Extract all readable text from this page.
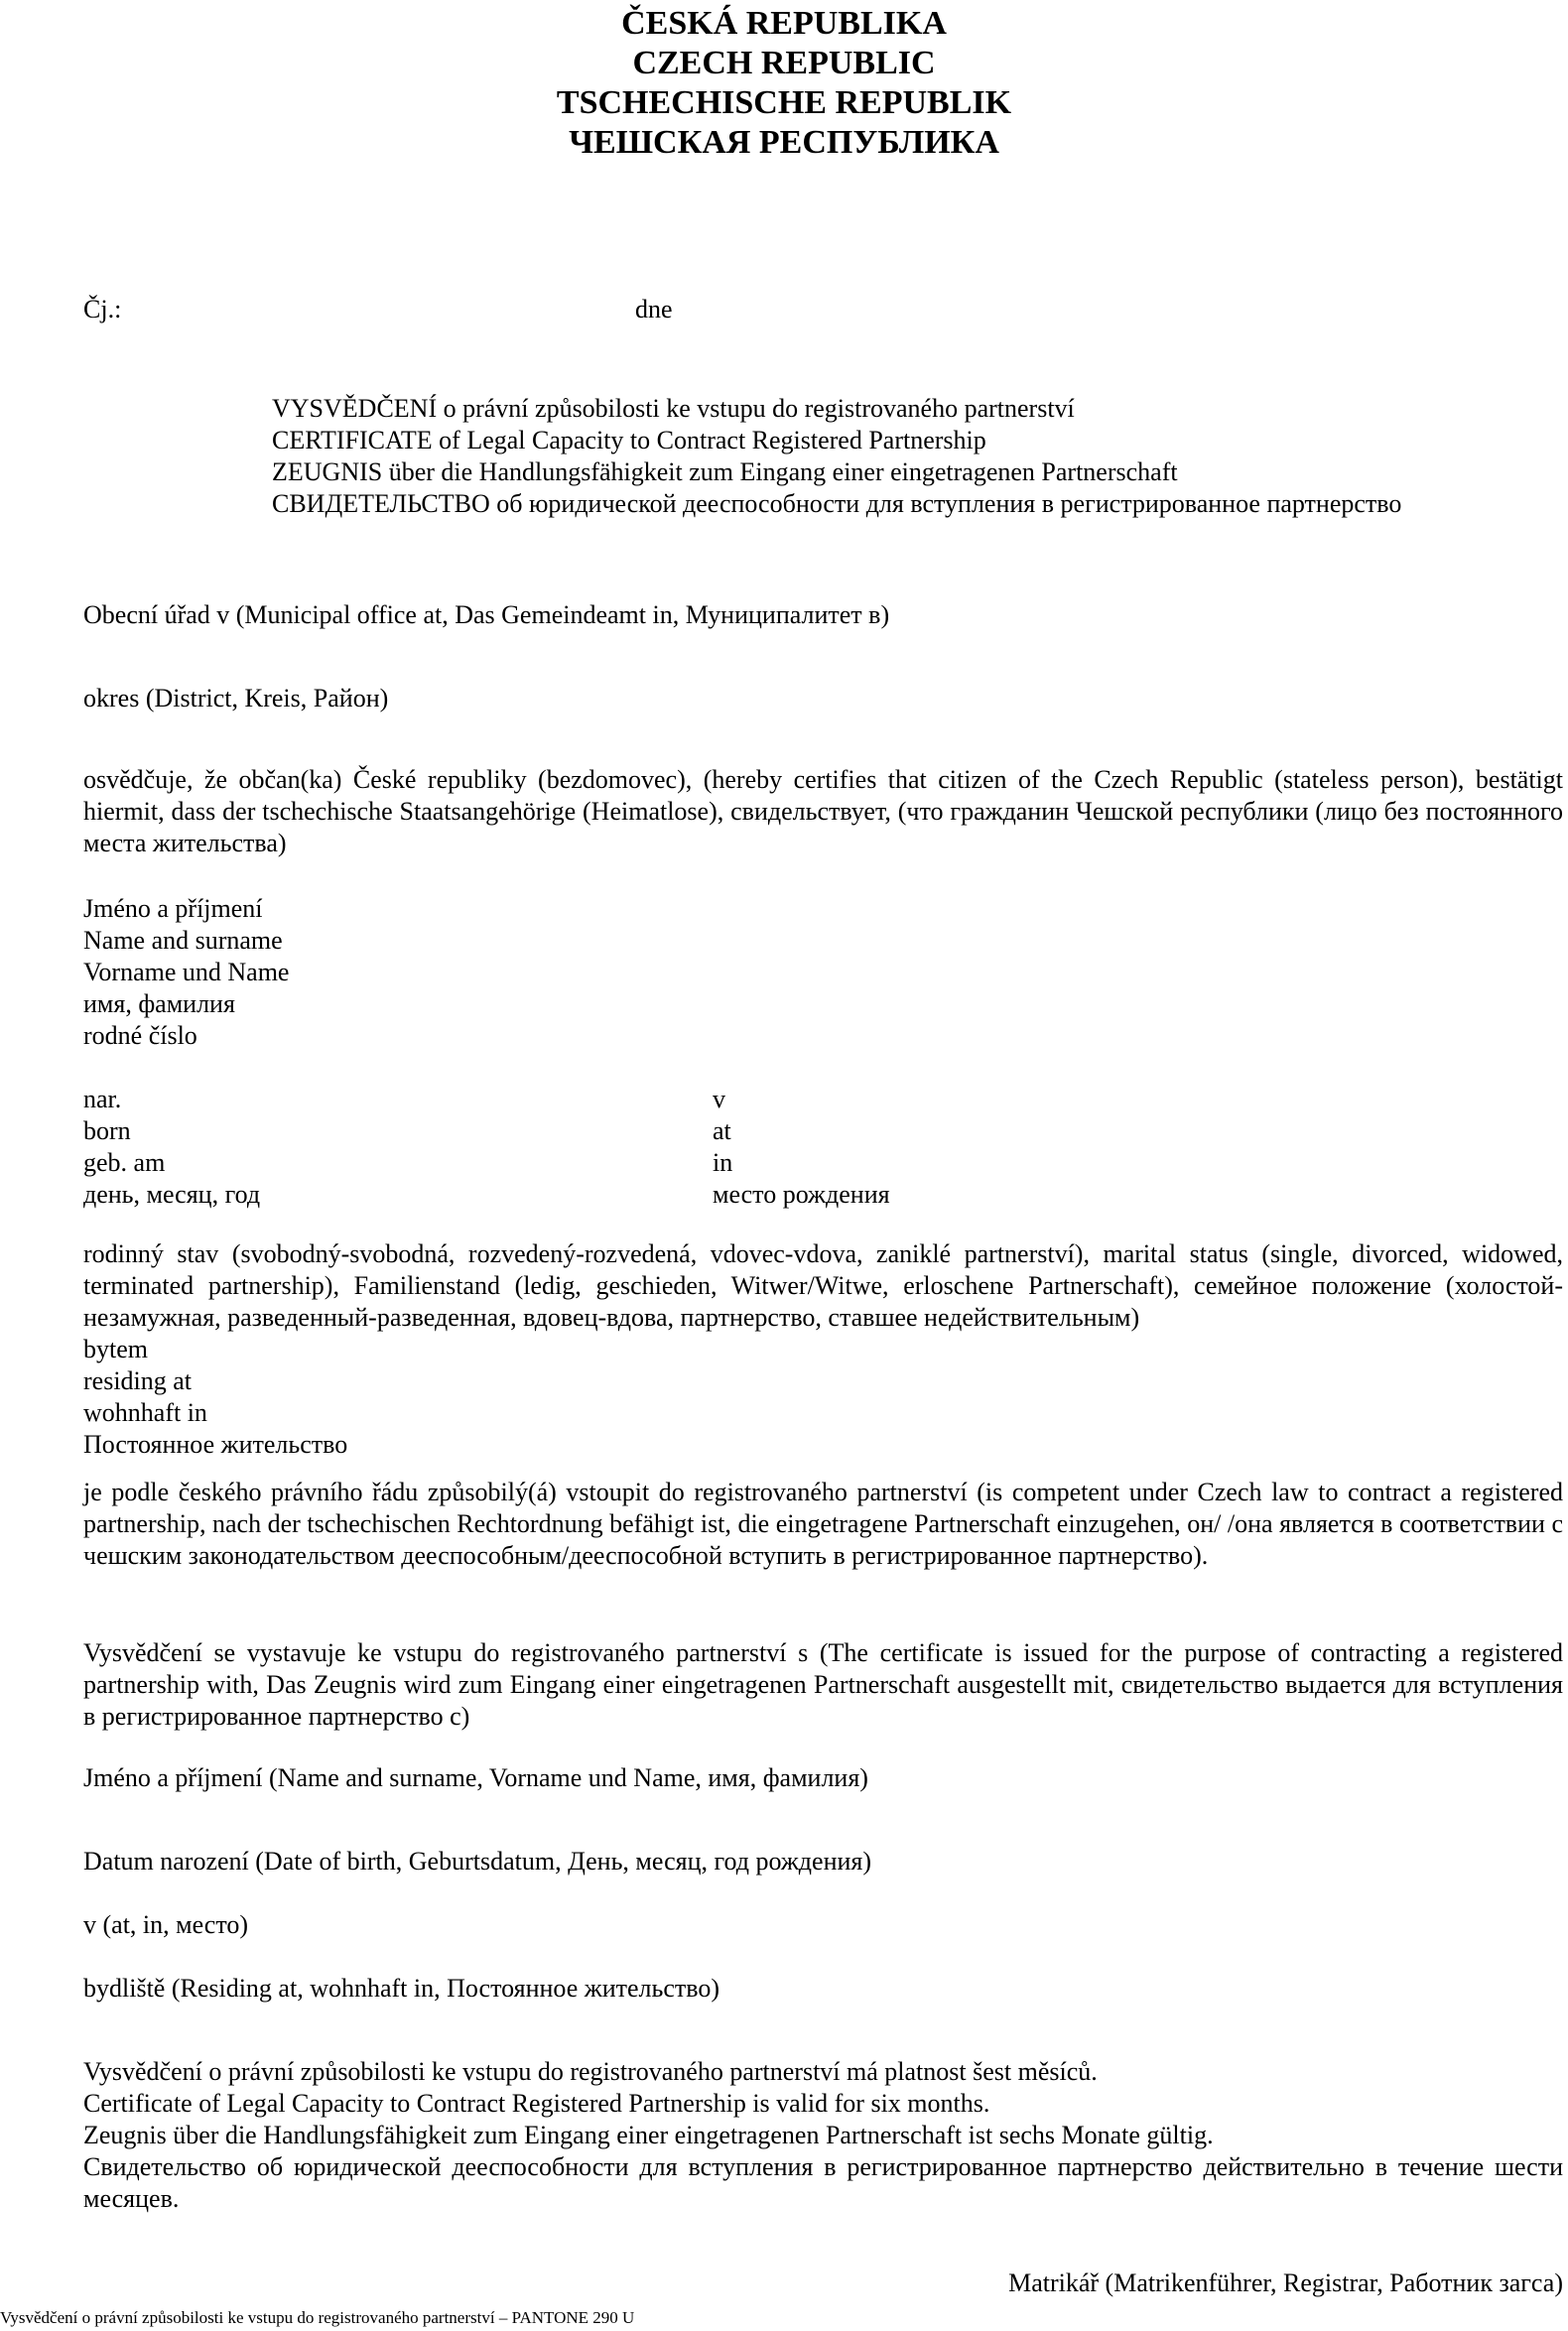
ČESKÁ REPUBLIKA
CZECH REPUBLIC
TSCHECHISCHE REPUBLIK
ЧЕШСКАЯ РЕСПУБЛИКА
Čj.:	dne
VYSVĚDČENÍ o právní způsobilosti ke vstupu do registrovaného partnerství
CERTIFICATE of Legal Capacity to Contract Registered Partnership
ZEUGNIS über die Handlungsfähigkeit zum Eingang einer eingetragenen Partnerschaft
СВИДЕТЕЛЬСТВО об юридической дееспособности для вступления в регистрированное партнерство
Obecní úřad v (Municipal office at, Das Gemeindeamt in, Муниципалитет в)
okres (District, Kreis, Район)
osvědčuje, že občan(ka) České republiky (bezdomovec), (hereby certifies that citizen of the Czech Republic (stateless person), bestätigt hiermit, dass der tschechische Staatsangehörige (Heimatlose), свидельствует, (что гражданин Чешской республики (лицо без постоянного места жительства)
Jméno a příjmení
Name and surname
Vorname und Name
имя, фамилия
rodné číslo
nar.
born
geb. am
день, месяц, год
v
at
in
место рождения
rodinný stav (svobodný-svobodná, rozvedený-rozvedená, vdovec-vdova, zaniklé partnerství), marital status (single, divorced, widowed, terminated partnership), Familienstand (ledig, geschieden, Witwer/Witwe, erloschene Partnerschaft), семейное положение (холостой-незамужная, разведенный-разведенная, вдовец-вдова, партнерство, ставшее недействительным)
bytem
residing at
wohnhaft in
Постоянное жительство
je podle českého právního řádu způsobilý(á) vstoupit do registrovaného partnerství (is competent under Czech law to contract a registered partnership, nach der tschechischen Rechtordnung befähigt ist, die eingetragene Partnerschaft einzugehen, он/ /она является в соответствии с чешским законодательством дееспособным/дееспособной вступить в регистрированное партнерство).
Vysvědčení se vystavuje ke vstupu do registrovaného partnerství s (The certificate is issued for the purpose of contracting a registered partnership with, Das Zeugnis wird zum Eingang einer eingetragenen Partnerschaft ausgestellt mit, свидетельство выдается для вступления в регистрированное партнерство с)
Jméno a příjmení (Name and surname, Vorname und Name, имя, фамилия)
Datum narození (Date of birth, Geburtsdatum, День, месяц, год рождения)
v (at, in, место)
bydliště (Residing at, wohnhaft in, Постоянное жительство)
Vysvědčení o právní způsobilosti ke vstupu do registrovaného partnerství má platnost šest měsíců.
Certificate of Legal Capacity to Contract Registered Partnership is valid for six months.
Zeugnis über die Handlungsfähigkeit zum Eingang einer eingetragenen Partnerschaft ist sechs Monate gültig.
Свидетельство об юридической дееспособности для вступления в регистрированное партнерство действительно в течение шести месяцев.
Matrikář (Matrikenführer, Registrar, Работник загса)
Vysvědčení o právní způsobilosti ke vstupu do registrovaného partnerství – PANTONE 290 U
